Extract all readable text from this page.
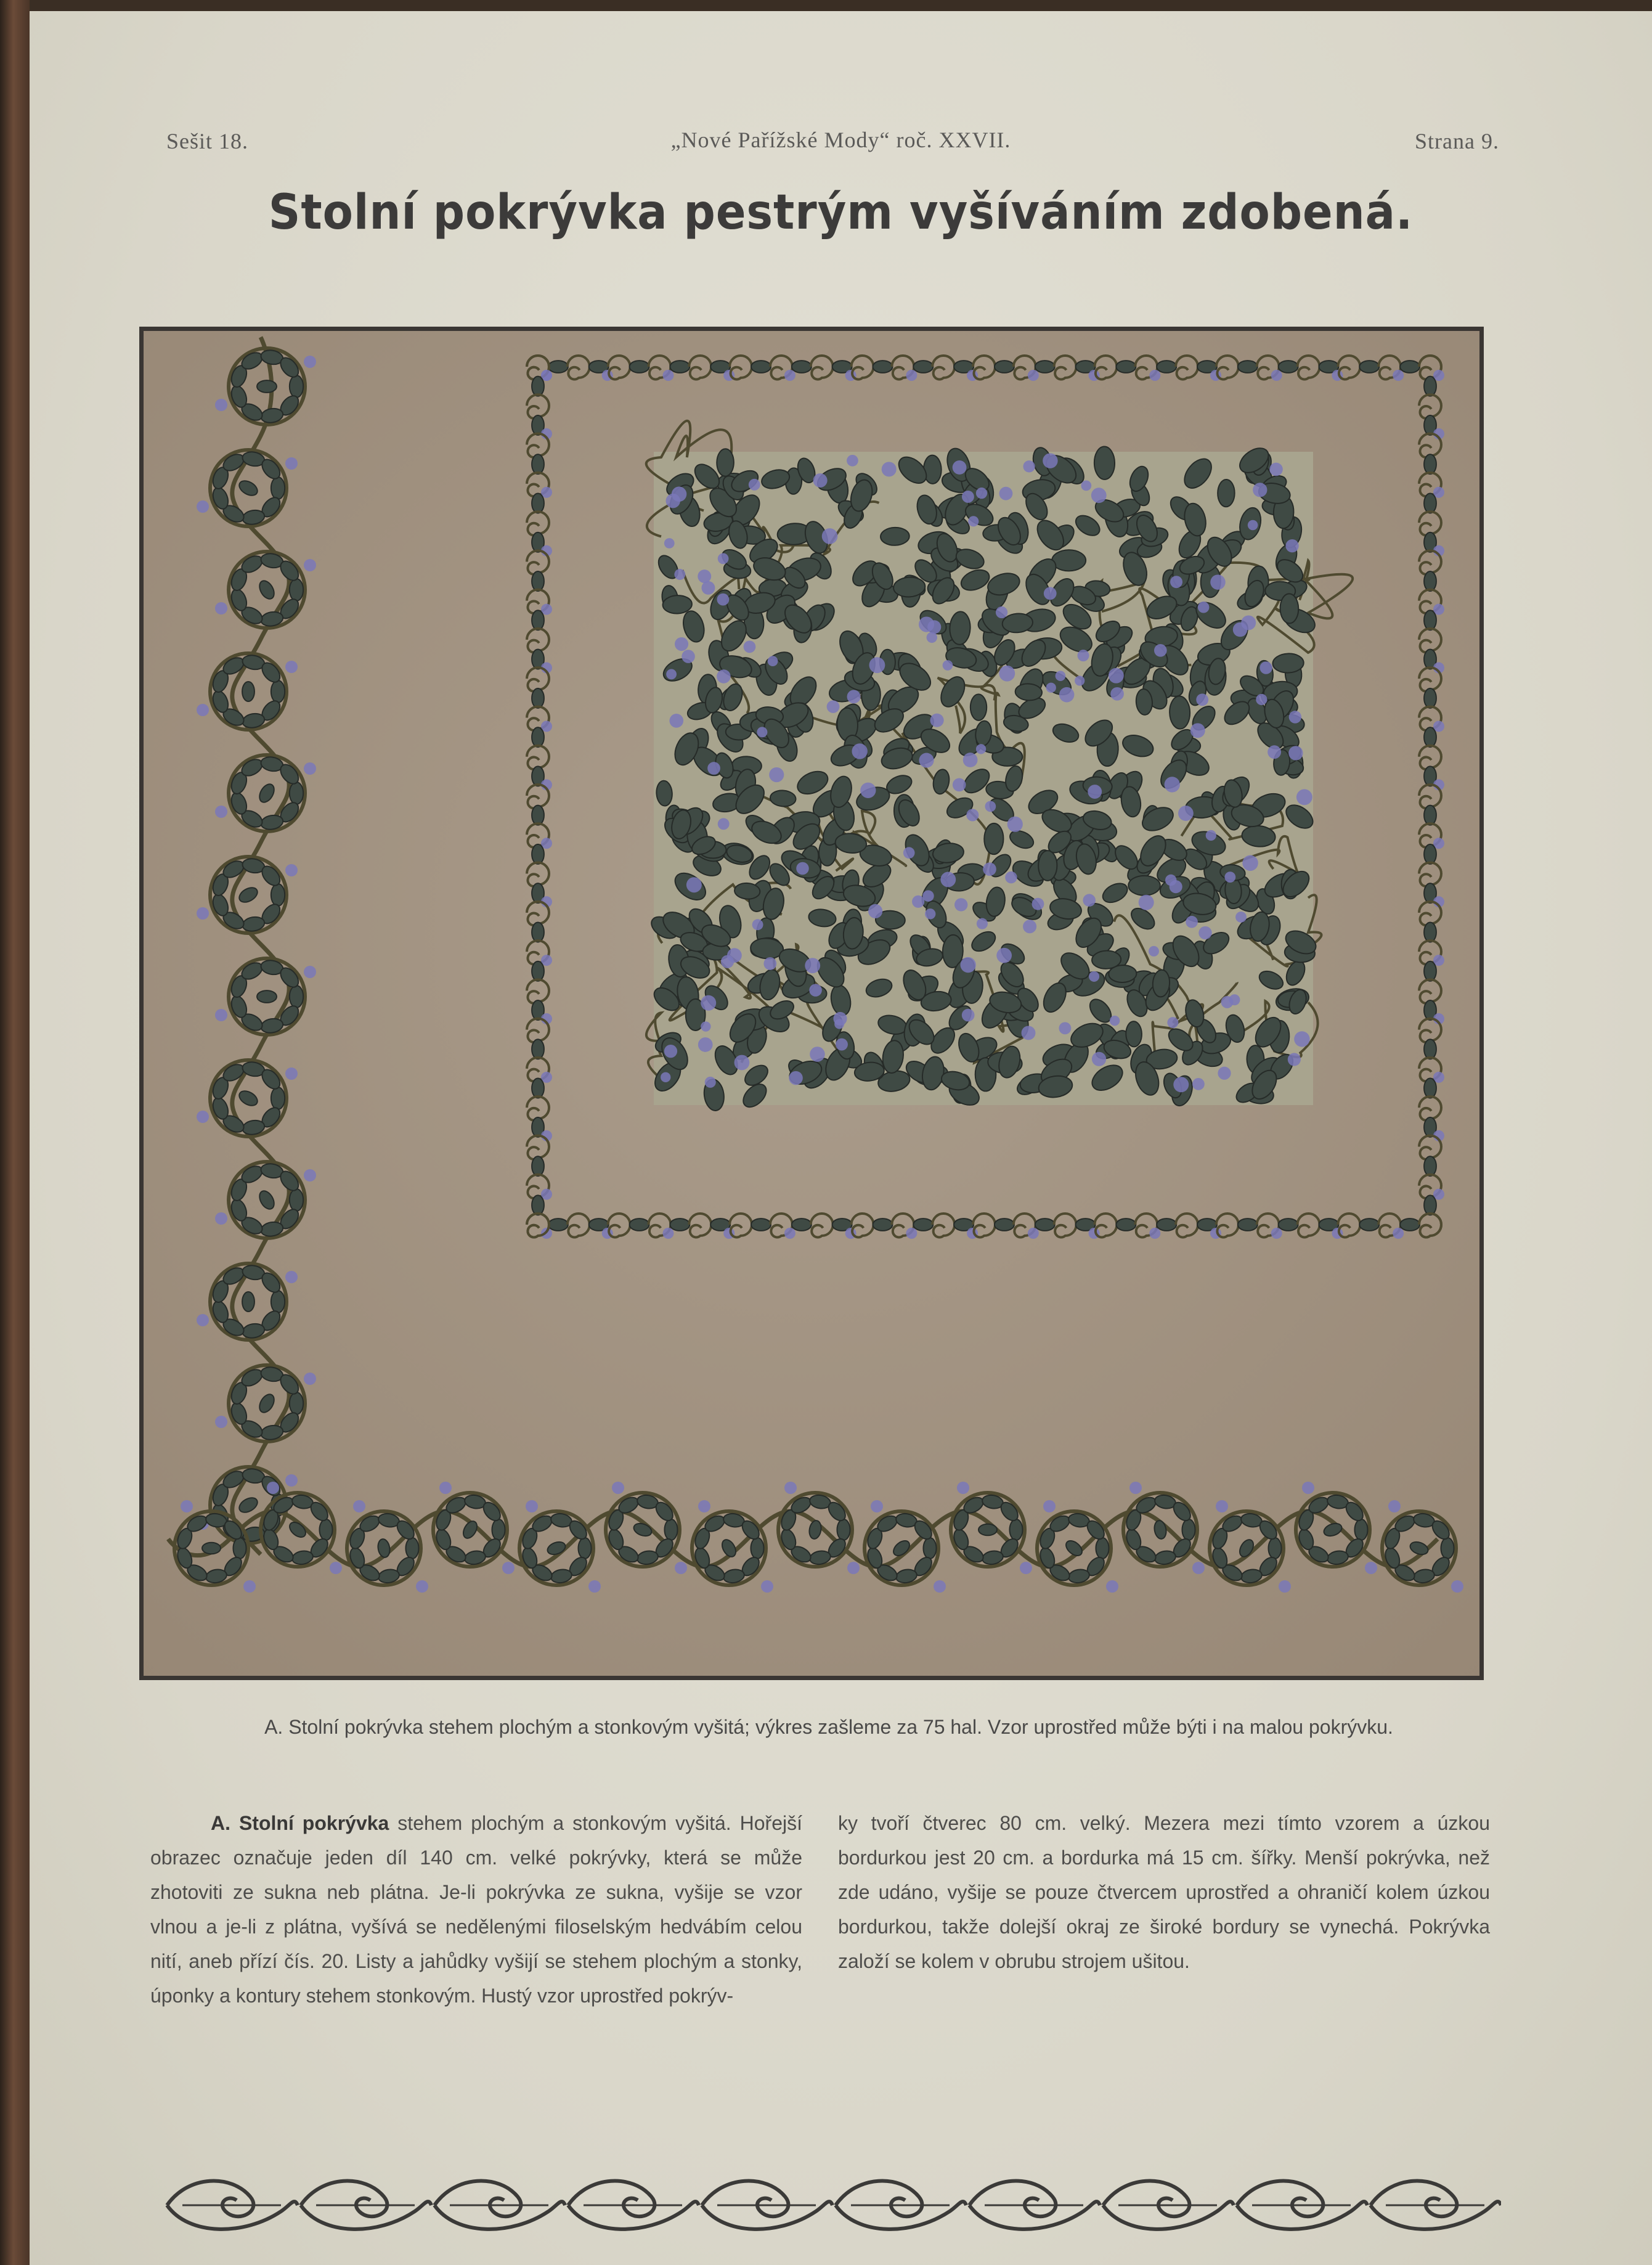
Sešit 18.	„Nové Pařížské Mody“ roč. XXVII.	Strana 9.
Stolní pokrývka pestrým vyšíváním zdobená.
A. Stolní pokrývka stehem plochým a stonkovým vyšitá; výkres zašleme za 75 hal. Vzor uprostřed může býti i na malou pokrývku.
A. Stolní pokrývka stehem plochým a stonkovým vyšitá. Hořejší obrazec označuje jeden díl 140 cm. velké pokrývky, která se může zhotoviti ze sukna neb plátna. Je-li pokrývka ze sukna, vyšije se vzor vlnou a je-li z plátna, vyšívá se nedělenými filoselským hedvábím celou nití, aneb přízí čís. 20. Listy a jahůdky vyšijí se stehem plochým a stonky, úponky a kontury stehem stonkovým. Hustý vzor uprostřed pokrýv-
ky tvoří čtverec 80 cm. velký. Mezera mezi tímto vzorem a úzkou bordurkou jest 20 cm. a bordurka má 15 cm. šířky. Menší pokrývka, než zde udáno, vyšije se pouze čtvercem uprostřed a ohraničí kolem úzkou bordurkou, takže dolejší okraj ze široké bordury se vynechá. Pokrývka založí se kolem v obrubu strojem ušitou.
